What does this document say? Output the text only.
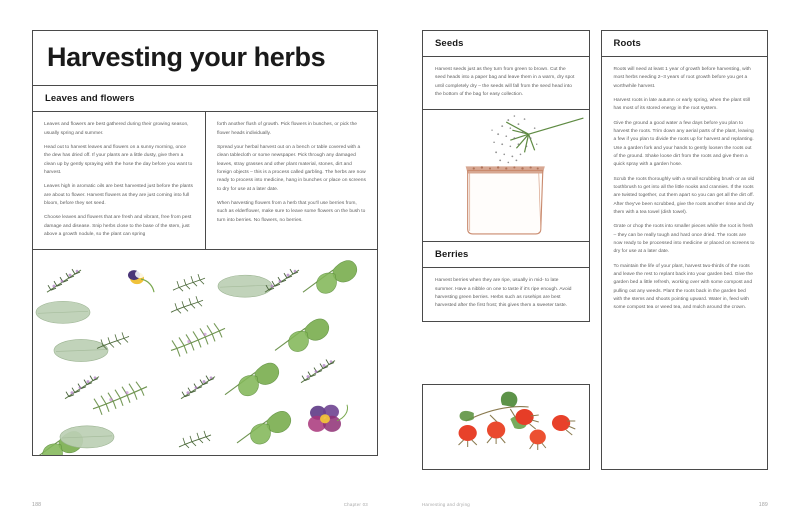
Harvesting your herbs
Leaves and flowers

Leaves and flowers are best gathered during their growing season, usually spring and summer.

Head out to harvest leaves and flowers on a sunny morning, once the dew has dried off. If your plants are a little dusty, give them a clean up by gently spraying with the hose the day before you want to harvest.

Leaves high in aromatic oils are best harvested just before the plants are about to flower. Harvest flowers as they are just coming into full bloom, before they set seed.

Choose leaves and flowers that are fresh and vibrant, free from pest damage and disease. Snip herbs close to the base of the stem, just above a growth nodule, so the plant can spring

forth another flush of growth. Pick flowers in bunches, or pick the flower heads individually.

Spread your herbal harvest out on a bench or table covered with a clean tablecloth or some newspaper. Pick through any damaged leaves, stray grasses and other plant material, stones, dirt and foreign objects – this is a process called garbling. The herbs are now ready to process into medicine, hang in bunches or place on screens to dry for use at a later date.

When harvesting flowers from a herb that you'll use berries from, such as elderflower, make sure to leave some flowers on the bush to turn into berries. No flowers, no berries.

188	Chapter 03
Seeds

Harvest seeds just as they turn from green to brown. Cut the seed heads into a paper bag and leave them in a warm, dry spot until completely dry – the seeds will fall from the seed head into the bottom of the bag for easy collection.

Berries

Harvest berries when they are ripe, usually in mid- to late summer. Have a nibble on one to taste if it's ripe enough. Avoid harvesting green berries. Herbs such as rosehips are best harvested after the first frost; this gives them a sweeter taste.

Roots

Roots will need at least 1 year of growth before harvesting, with most herbs needing 2–3 years of root growth before you get a worthwhile harvest.

Harvest roots in late autumn or early spring, when the plant still has most of its stored energy in the root system.

Give the ground a good water a few days before you plan to harvest the roots. Trim down any aerial parts of the plant, leaving a few if you plan to divide the roots up for harvest and replanting. Use a garden fork and your hands to gently loosen the roots out of the ground. Shake loose dirt from the roots and give them a quick spray with a garden hose.

Scrub the roots thoroughly with a small scrubbing brush or an old toothbrush to get into all the little nooks and crannies. If the roots are twisted together, cut them apart so you can get all the dirt off. After they've been scrubbed, give the roots another rinse and dry them with a tea towel (dish towel).

Grate or chop the roots into smaller pieces while the root is fresh – they can be really tough and hard once dried. The roots are now ready to be processed into medicine or placed on screens to dry for use at a later date.

To maintain the life of your plant, harvest two-thirds of the roots and leave the rest to replant back into your garden bed. Give the garden bed a little refresh, working over with some compost and pulling out any weeds. Plant the roots back in the garden bed with the stems and shoots pointing upward. Water in, feed with some compost tea or weed tea, and mulch around the crown.

Harvesting and drying	189
